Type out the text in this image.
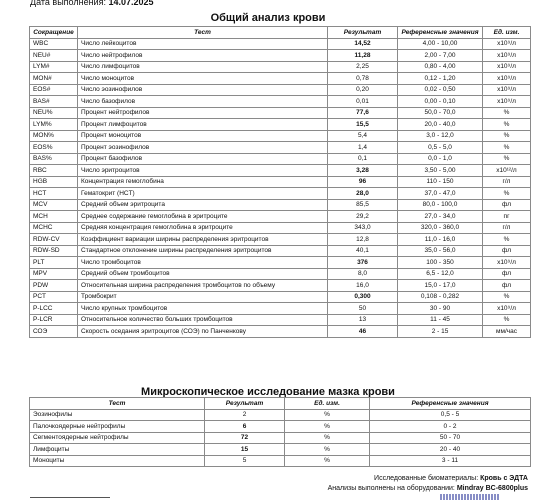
Дата выполнения: 14.07.2025
Общий анализ крови
Сокращение	Тест	Результат	Референсные значения	Ед. изм.
WBC	Число лейкоцитов	14,52	4,00 - 10,00	x10⁹/л
NEU#	Число нейтрофилов	11,28	2,00 - 7,00	x10⁹/л
LYM#	Число лимфоцитов	2,25	0,80 - 4,00	x10⁹/л
MON#	Число моноцитов	0,78	0,12 - 1,20	x10⁹/л
EOS#	Число эозинофилов	0,20	0,02 - 0,50	x10⁹/л
BAS#	Число базофилов	0,01	0,00 - 0,10	x10⁹/л
NEU%	Процент нейтрофилов	77,6	50,0 - 70,0	%
LYM%	Процент лимфоцитов	15,5	20,0 - 40,0	%
MON%	Процент моноцитов	5,4	3,0 - 12,0	%
EOS%	Процент эозинофилов	1,4	0,5 - 5,0	%
BAS%	Процент базофилов	0,1	0,0 - 1,0	%
RBC	Число эритроцитов	3,28	3,50 - 5,00	x10¹²/л
HGB	Концентрация гемоглобина	96	110 - 150	г/л
HCT	Гематокрит (HCT)	28,0	37,0 - 47,0	%
MCV	Средний объем эритроцита	85,5	80,0 - 100,0	фл
MCH	Среднее содержание гемоглобина в эритроците	29,2	27,0 - 34,0	пг
MCHC	Средняя концентрация гемоглобина в эритроците	343,0	320,0 - 360,0	г/л
RDW-CV	Коэффициент вариации ширины распределения эритроцитов	12,8	11,0 - 16,0	%
RDW-SD	Стандартное отклонение ширины распределения эритроцитов	40,1	35,0 - 56,0	фл
PLT	Число тромбоцитов	376	100 - 350	x10⁹/л
MPV	Средний объем тромбоцитов	8,0	6,5 - 12,0	фл
PDW	Относительная ширина распределения тромбоцитов по объему	16,0	15,0 - 17,0	фл
PCT	Тромбокрит	0,300	0,108 - 0,282	%
P-LCC	Число крупных тромбоцитов	50	30 - 90	x10⁹/л
P-LCR	Относительное количество больших тромбоцитов	13	11 - 45	%
СОЭ	Скорость оседания эритроцитов (СОЭ) по Панченкову	46	2 - 15	мм/час
Микроскопическое исследование мазка крови
Тест	Результат	Ед. изм.	Референсные значения
Эозинофилы	2	%	0,5 - 5
Палочкоядерные нейтрофилы	6	%	0 - 2
Сегментоядерные нейтрофилы	72	%	50 - 70
Лимфоциты	15	%	20 - 40
Моноциты	5	%	3 - 11
Исследованные биоматериалы: Кровь с ЭДТА
Анализы выполнены на оборудовании: Mindray BC-6800plus
